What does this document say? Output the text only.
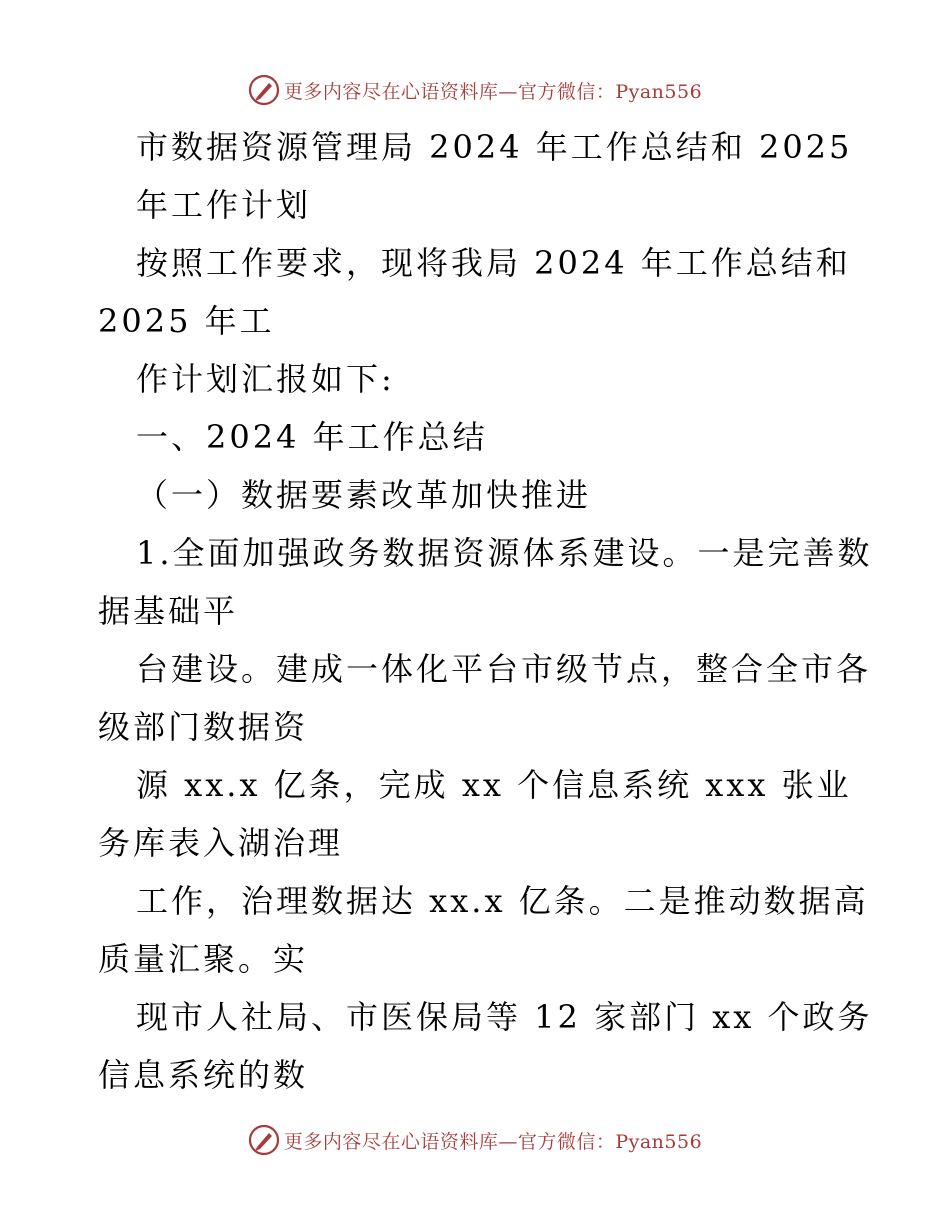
更多内容尽在心语资料库—官方微信：Pyan556
市数据资源管理局 2024 年工作总结和 2025
年工作计划
按照工作要求，现将我局 2024 年工作总结和
2025 年工
作计划汇报如下:
一、2024 年工作总结
（一）数据要素改革加快推进
1.全面加强政务数据资源体系建设。一是完善数
据基础平
台建设。建成一体化平台市级节点，整合全市各
级部门数据资
源 xx.x 亿条，完成 xx 个信息系统 xxx 张业
务库表入湖治理
工作，治理数据达 xx.x 亿条。二是推动数据高
质量汇聚。实
现市人社局、市医保局等 12 家部门 xx 个政务
信息系统的数
更多内容尽在心语资料库—官方微信：Pyan556
